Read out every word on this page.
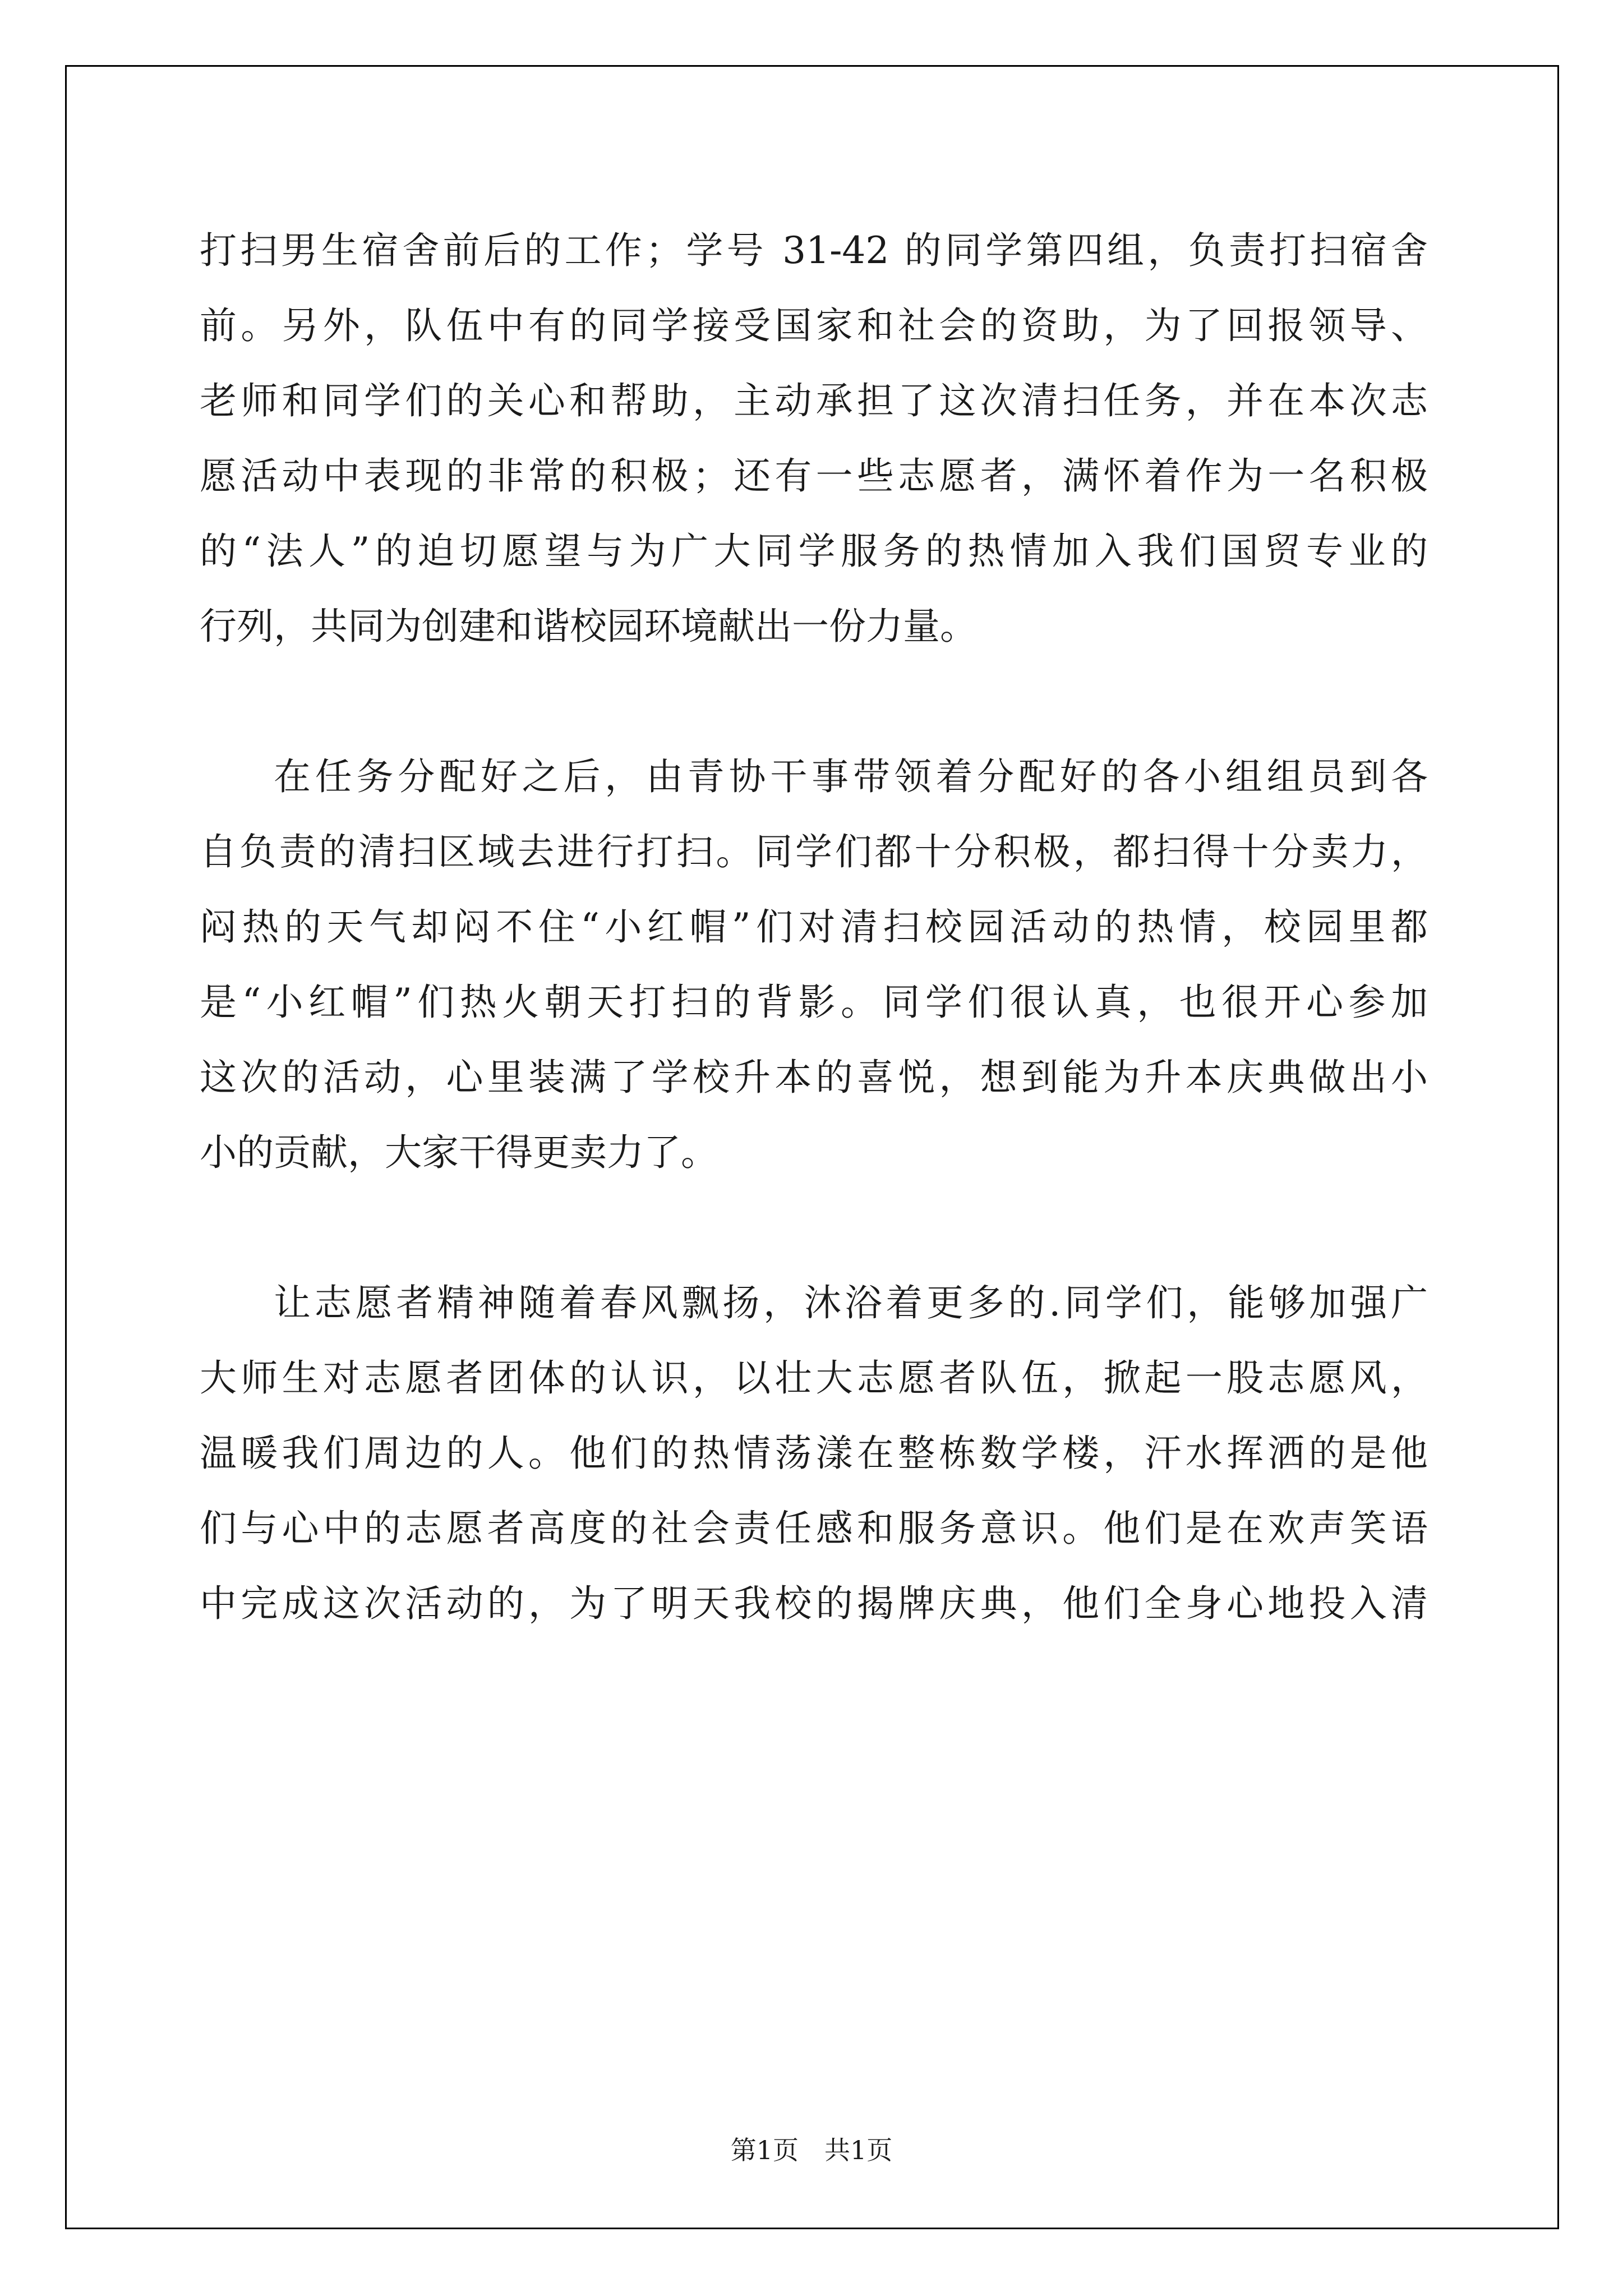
打扫男生宿舍前后的工作；学号 31-42 的同学第四组，负责打扫宿舍
前。另外，队伍中有的同学接受国家和社会的资助，为了回报领导、
老师和同学们的关心和帮助，主动承担了这次清扫任务，并在本次志
愿活动中表现的非常的积极；还有一些志愿者，满怀着作为一名积极
的“法人”的迫切愿望与为广大同学服务的热情加入我们国贸专业的
行列，共同为创建和谐校园环境献出一份力量。
在任务分配好之后，由青协干事带领着分配好的各小组组员到各
自负责的清扫区域去进行打扫。同学们都十分积极，都扫得十分卖力，
闷热的天气却闷不住“小红帽”们对清扫校园活动的热情，校园里都
是“小红帽”们热火朝天打扫的背影。同学们很认真，也很开心参加
这次的活动，心里装满了学校升本的喜悦，想到能为升本庆典做出小
小的贡献，大家干得更卖力了。
让志愿者精神随着春风飘扬，沐浴着更多的.同学们，能够加强广
大师生对志愿者团体的认识，以壮大志愿者队伍，掀起一股志愿风，
温暖我们周边的人。他们的热情荡漾在整栋数学楼，汗水挥洒的是他
们与心中的志愿者高度的社会责任感和服务意识。他们是在欢声笑语
中完成这次活动的，为了明天我校的揭牌庆典，他们全身心地投入清
第1页　共1页
